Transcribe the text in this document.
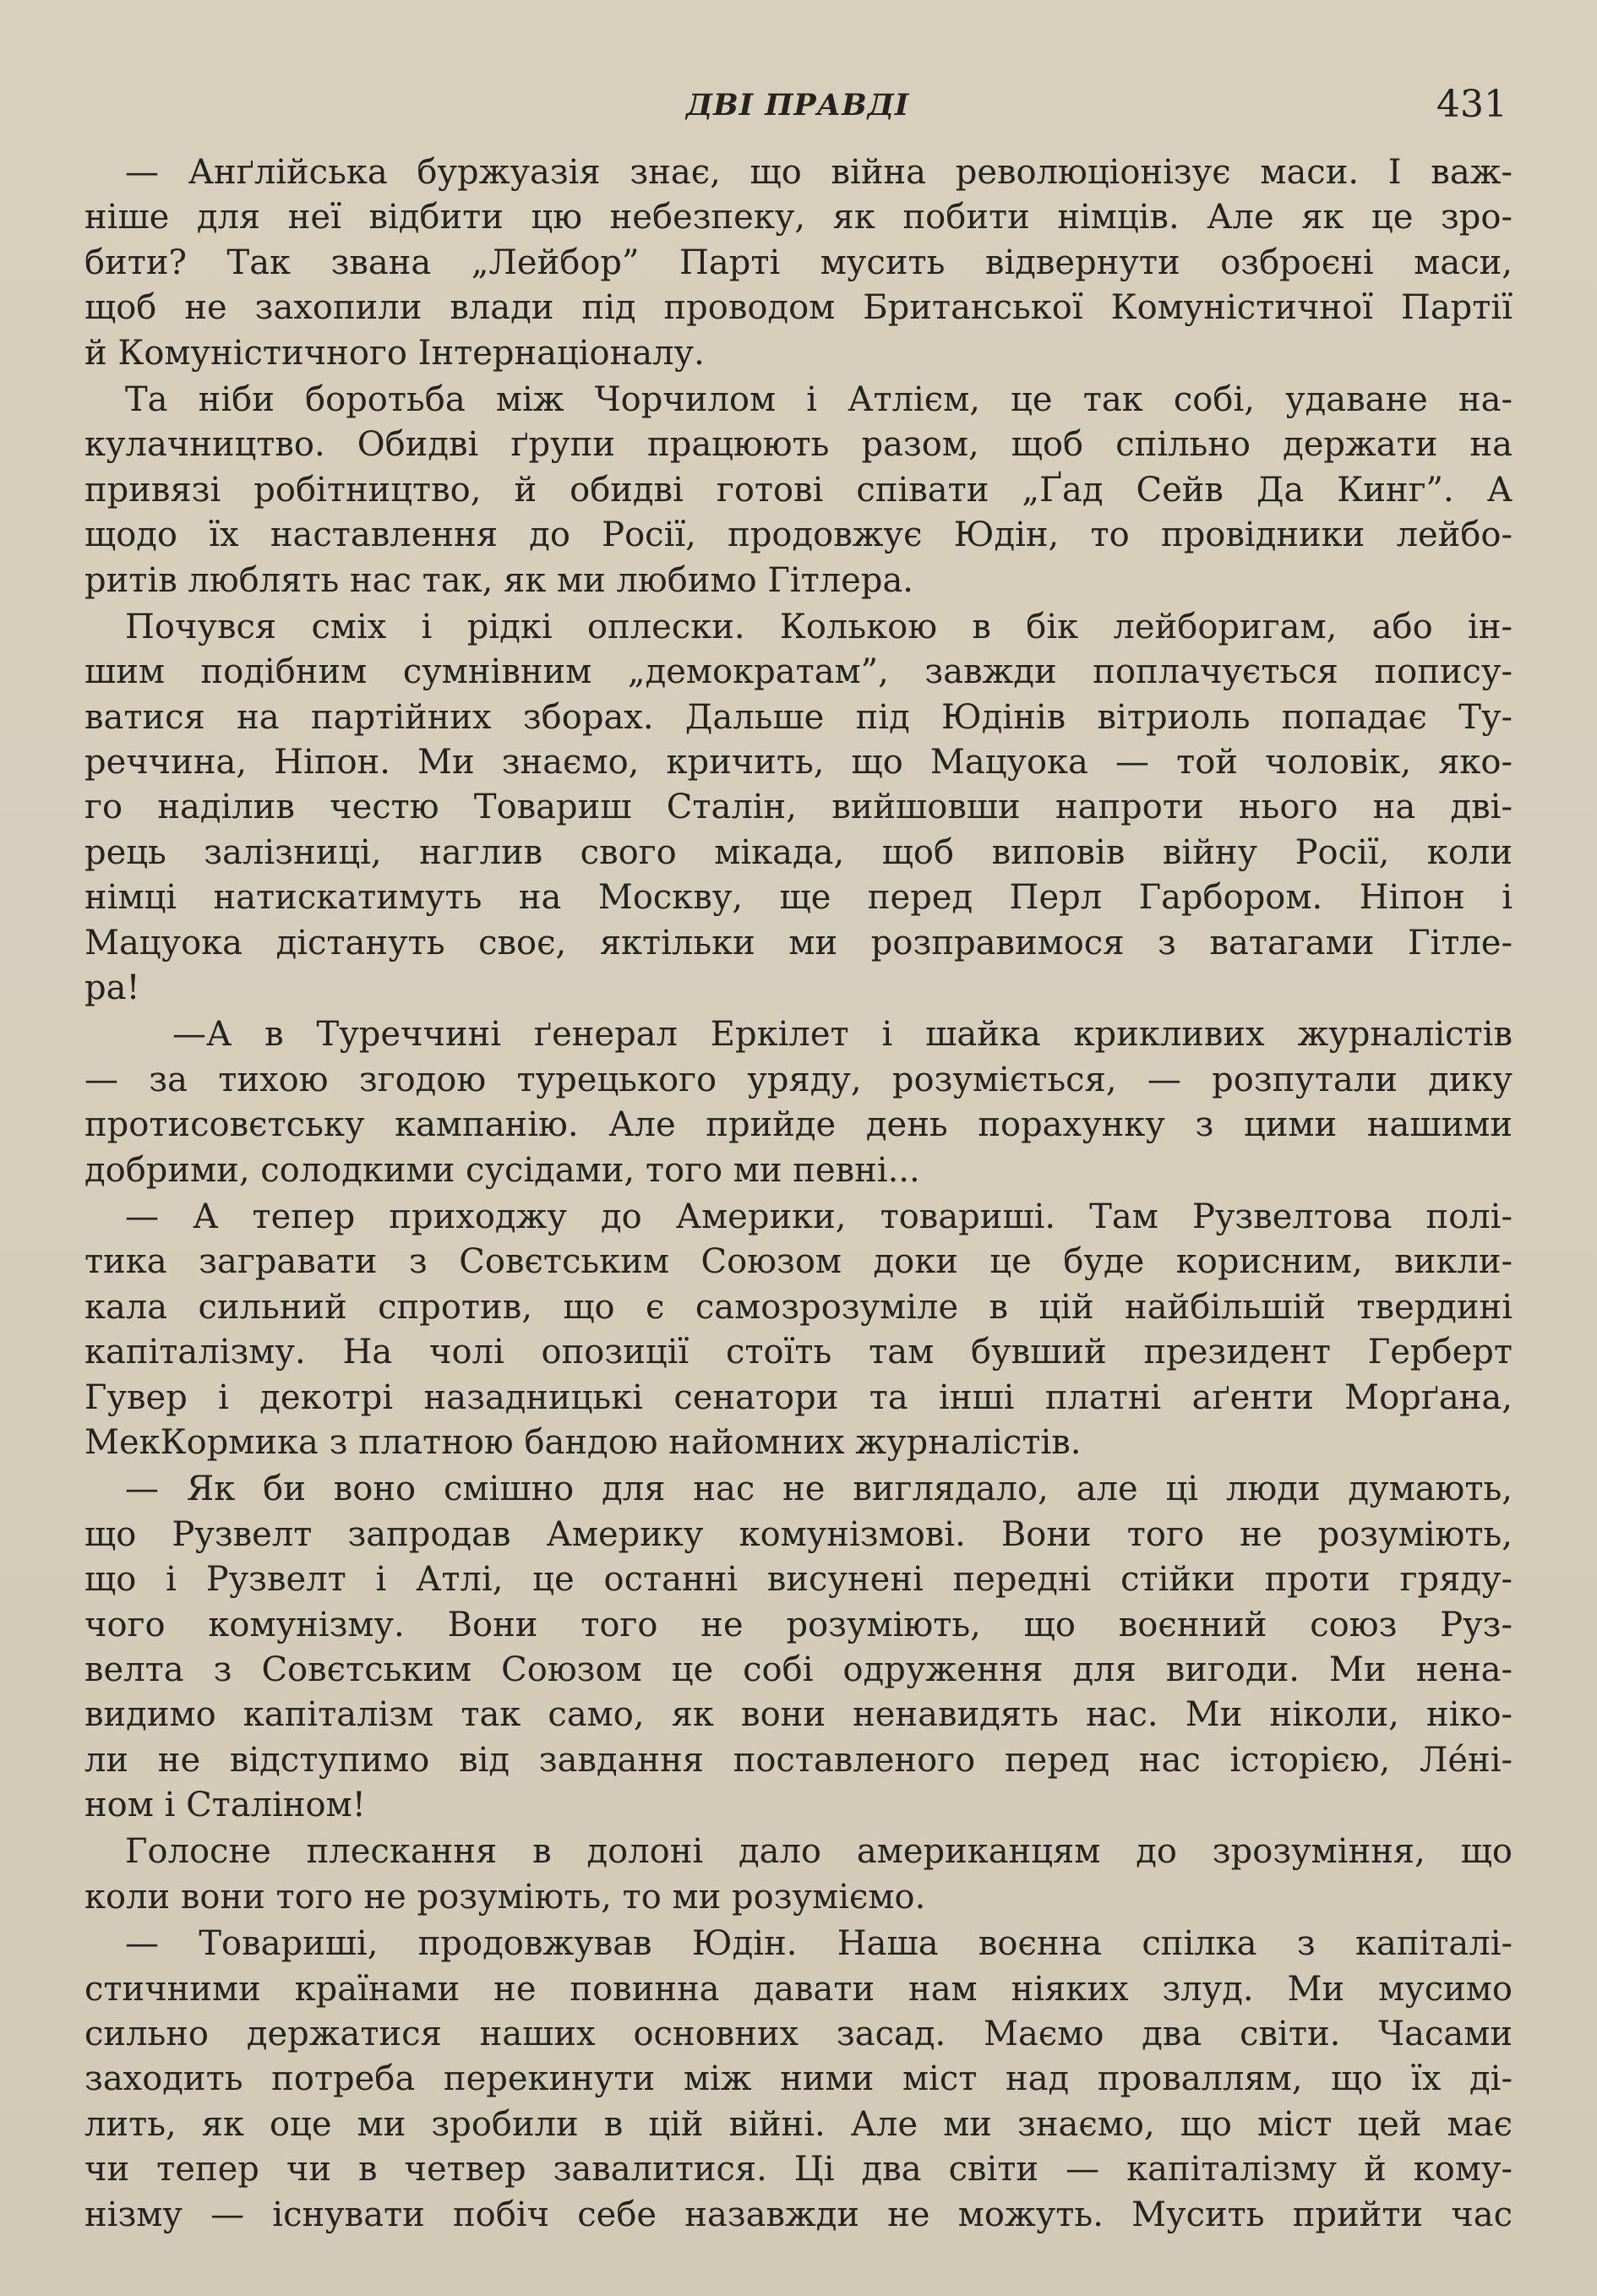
ДВІ ПРАВДІ	431
— Анґлійська буржуазія знає, що війна революціонізує маси. І важ-
ніше для неї відбити цю небезпеку, як побити німців. Але як це зро-
бити? Так звана „Лейбор” Парті мусить відвернути озброєні маси,
щоб не захопили влади під проводом Британської Комуністичної Партії
й Комуністичного Інтернаціоналу.
Та ніби боротьба між Чорчилом і Атлієм, це так собі, удаване на-
кулачництво. Обидві ґрупи працюють разом, щоб спільно держати на
привязі робітництво, й обидві готові співати „Ґад Сейв Да Кинг”. А
щодо їх наставлення до Росії, продовжує Юдін, то провідники лейбо-
ритів люблять нас так, як ми любимо Гітлера.
Почувся сміх і рідкі оплески. Колькою в бік лейборигам, або ін-
шим подібним сумнівним „демократам”, завжди поплачується попису-
ватися на партійних зборах. Дальше під Юдінів вітриоль попадає Ту-
реччина, Ніпон. Ми знаємо, кричить, що Мацуока — той чоловік, яко-
го наділив честю Товариш Сталін, вийшовши напроти нього на дві-
рець залізниці, наглив свого мікада, щоб виповів війну Росії, коли
німці натискатимуть на Москву, ще перед Перл Гарбором. Ніпон і
Мацуока дістануть своє, яктільки ми розправимося з ватагами Гітле-
ра!
—А в Туреччині ґенерал Еркілет і шайка крикливих журналістів
— за тихою згодою турецького уряду, розуміється, — розпутали дику
протисовєтську кампанію. Але прийде день порахунку з цими нашими
добрими, солодкими сусідами, того ми певні...
— А тепер приходжу до Америки, товариші. Там Рузвелтова полі-
тика загравати з Совєтським Союзом доки це буде корисним, викли-
кала сильний спротив, що є самозрозуміле в цій найбільшій твердині
капіталізму. На чолі опозиції стоїть там бувший президент Герберт
Гувер і декотрі назадницькі сенатори та інші платні аґенти Морґана,
МекКормика з платною бандою найомних журналістів.
— Як би воно смішно для нас не виглядало, але ці люди думають,
що Рузвелт запродав Америку комунізмові. Вони того не розуміють,
що і Рузвелт і Атлі, це останні висунені передні стійки проти гряду-
чого комунізму. Вони того не розуміють, що воєнний союз Руз-
велта з Совєтським Союзом це собі одруження для вигоди. Ми нена-
видимо капіталізм так само, як вони ненавидять нас. Ми ніколи, ніко-
ли не відступимо від завдання поставленого перед нас історією, Ле́ні-
ном і Сталіном!
Голосне плескання в долоні дало американцям до зрозуміння, що
коли вони того не розуміють, то ми розуміємо.
— Товариші, продовжував Юдін. Наша воєнна спілка з капіталі-
стичними країнами не повинна давати нам ніяких злуд. Ми мусимо
сильно держатися наших основних засад. Маємо два світи. Часами
заходить потреба перекинути між ними міст над проваллям, що їх ді-
лить, як оце ми зробили в цій війні. Але ми знаємо, що міст цей має
чи тепер чи в четвер завалитися. Ці два світи — капіталізму й кому-
нізму — існувати побіч себе назавжди не можуть. Мусить прийти час
